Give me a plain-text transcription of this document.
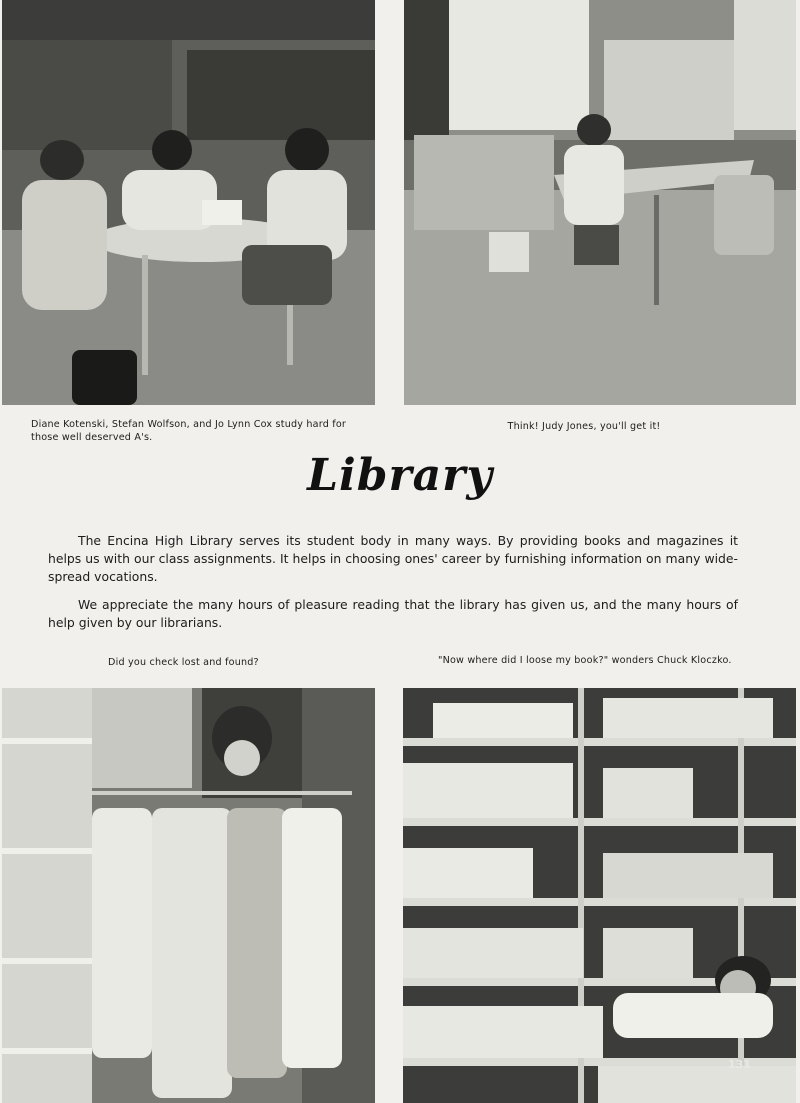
Diane Kotenski, Stefan Wolfson, and Jo Lynn Cox study hard for those well deserved A's.
Think! Judy Jones, you'll get it!
Library

The Encina High Library serves its student body in many ways. By providing books and magazines it helps us with our class assignments. It helps in choosing ones' career by furnishing information on many wide-spread vocations.

We appreciate the many hours of pleasure reading that the library has given us, and the many hours of help given by our librarians.

Did you check lost and found?	"Now where did I loose my book?" wonders Chuck Kloczko.
131
